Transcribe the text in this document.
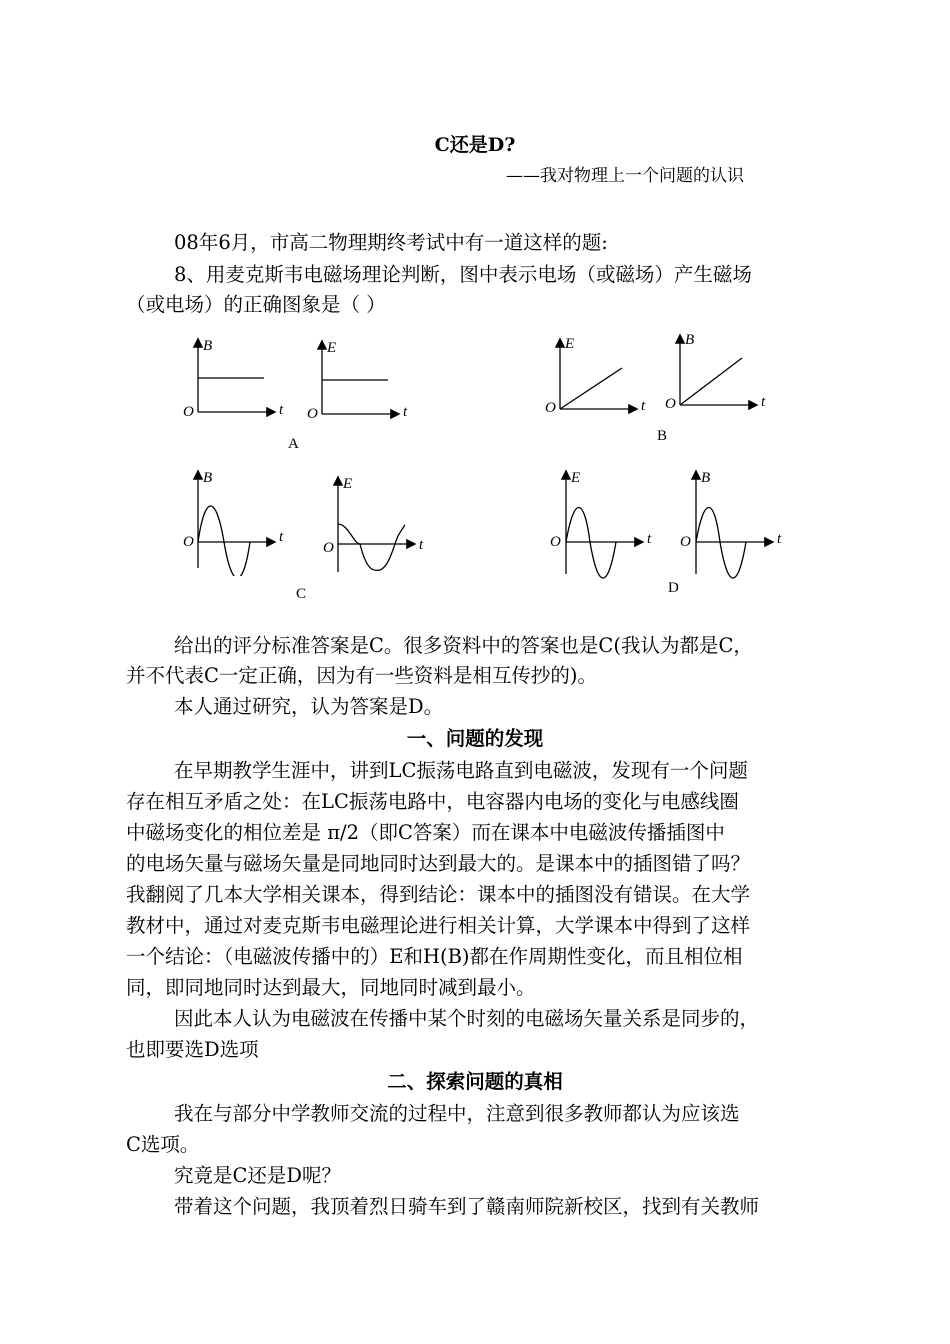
C还是D?
——我对物理上一个问题的认识
08年6月，市高二物理期终考试中有一道这样的题:
8、用麦克斯韦电磁场理论判断，图中表示电场（或磁场）产生磁场
（或电场）的正确图象是（ ）
B
O	t
E
O	t
A
E
O	t
B
O	t
B
B
O	t
E
O	t
C
E
O	t
B
O	t
D
给出的评分标准答案是C。很多资料中的答案也是C(我认为都是C，
并不代表C一定正确，因为有一些资料是相互传抄的)。
本人通过研究，认为答案是D。
一、问题的发现
在早期教学生涯中，讲到LC振荡电路直到电磁波，发现有一个问题
存在相互矛盾之处：在LC振荡电路中，电容器内电场的变化与电感线圈
中磁场变化的相位差是 π/2（即C答案）而在课本中电磁波传播插图中
的电场矢量与磁场矢量是同地同时达到最大的。是课本中的插图错了吗？
我翻阅了几本大学相关课本，得到结论：课本中的插图没有错误。在大学
教材中，通过对麦克斯韦电磁理论进行相关计算，大学课本中得到了这样
一个结论：（电磁波传播中的）E和H(B)都在作周期性变化，而且相位相
同，即同地同时达到最大，同地同时减到最小。
因此本人认为电磁波在传播中某个时刻的电磁场矢量关系是同步的，
也即要选D选项
二、探索问题的真相
我在与部分中学教师交流的过程中，注意到很多教师都认为应该选
C选项。
究竟是C还是D呢？
带着这个问题，我顶着烈日骑车到了赣南师院新校区，找到有关教师
